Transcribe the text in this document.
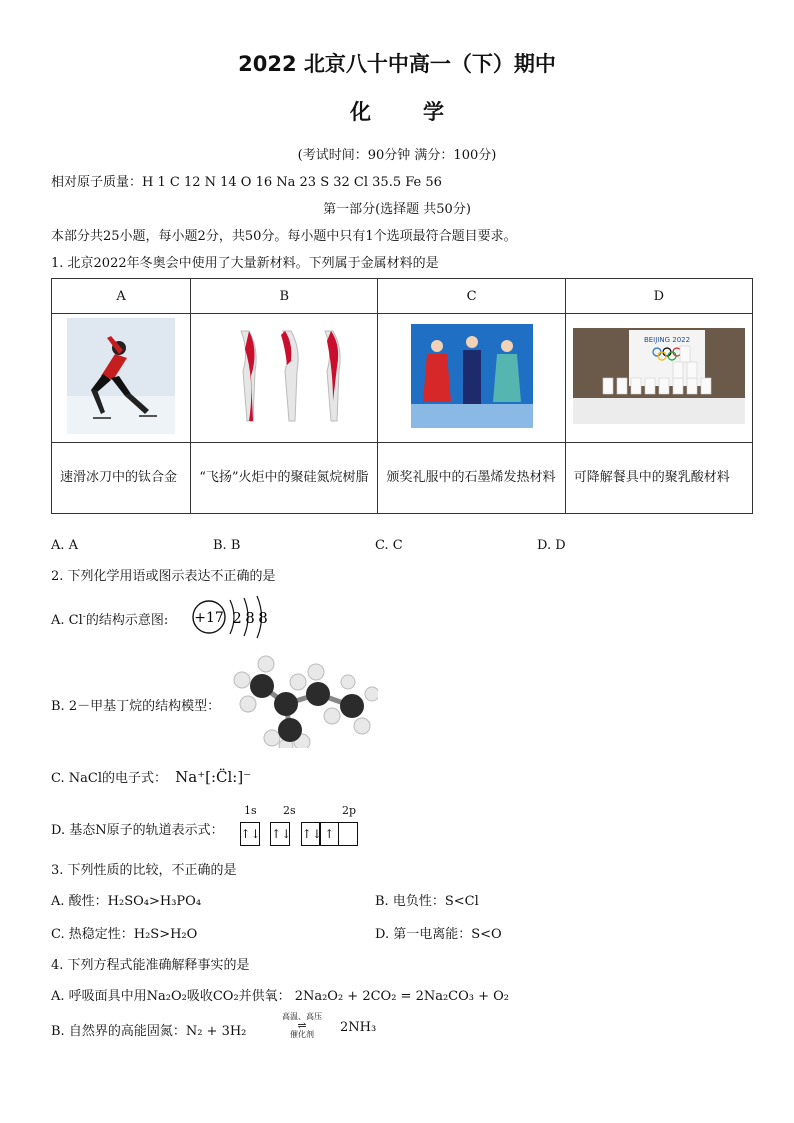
2022 北京八十中高一（下）期中
化学
(考试时间：90分钟 满分：100分)
相对原子质量：H 1 C 12 N 14 O 16 Na 23 S 32 Cl 35.5 Fe 56
第一部分(选择题 共50分)
本部分共25小题，每小题2分，共50分。每小题中只有1个选项最符合题目要求。
1. 北京2022年冬奥会中使用了大量新材料。下列属于金属材料的是
A	B	C	D

BEIJING 2022

速滑冰刀中的钛合金	“飞扬”火炬中的聚硅氮烷树脂	颁奖礼服中的石墨烯发热材料	可降解餐具中的聚乳酸材料
A. A	B. B	C. C	D. D
2. 下列化学用语或图示表达不正确的是
A. Cl-的结构示意图: +17 2 8 8
B. 2－甲基丁烷的结构模型：
C. NaCl的电子式： Na⁺[:C̈l:]⁻
D. 基态N原子的轨道表示式：
1s 2s	2p
↑↓ ↑↓ ↑↓ ↑
3. 下列性质的比较，不正确的是
A. 酸性：H₂SO₄>H₃PO₄	B. 电负性：S<Cl
C. 热稳定性：H₂S>H₂O	D. 第一电离能：S<O
4. 下列方程式能准确解释事实的是
A. 呼吸面具中用Na₂O₂吸收CO₂并供氧： 2Na₂O₂ + 2CO₂ = 2Na₂CO₃ + O₂
B. 自然界的高能固氮：N₂ + 3H₂
高温、高压
⇌
催化剂	2NH₃
